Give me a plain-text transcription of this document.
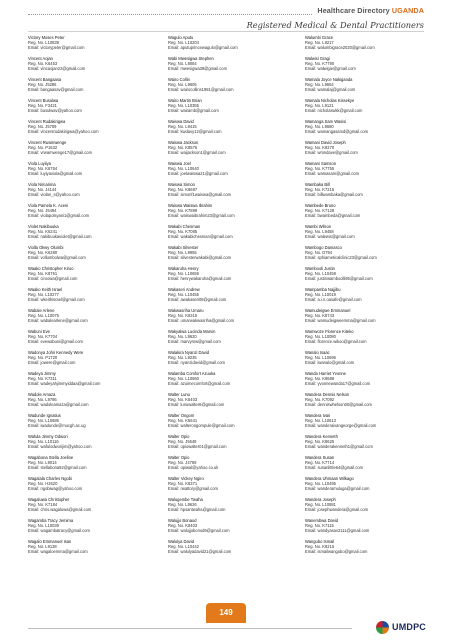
Healthcare Directory UGANDA
Registered Medical & Dental Practitioners
Victory Moses Peter
Reg. No. L10839
Email: victorypeter@gmail.com
Vincent Aojan
Reg. No. K6453
Email: vincaojan22@gmail.com
Vincent Bangaasa
Reg. No. J5286
Email: bangaasav@gmail.com
Vincent Busulwa
Reg. No. F3421
Email: busulwav@yahoo.com
Vincent Rudakirigwa
Reg. No. J5709
Email: vincentrudakirigwa@yahoo.com
Vincent Rwamwenge
Reg. No. P1632
Email: vrwamwenge17@gmail.com
Viola Luyiiya
Reg. No. K6784
Email: luyiyaviola@gmail.com
Viola Nimarima
Reg. No. J4144
Email: violan_s@yahoo.com
Viola Pamela K. Aceni
Reg. No. J5494
Email: violapolsyani1@gmail.com
Violet Nakibuuka
Reg. No. K6241
Email: nakibuukaviolet@gmail.com
Violla Okwy Olumbi
Reg. No. K6280
Email: vollumbolwa@gmail.com
Waako Christopher Kiroo
Reg. No. K8761
Email: ciroowa@gmail.com
Waako Keith Israel
Reg. No. L10277
Email: wkeithisrael@gmail.com
Wabale Arlene
Reg. No. L10075
Email: wabalearlene@gmail.com
Wabuni Eve
Reg. No. K7704
Email: evewabuni@gmail.com
Wadonya John Kennedy Were
Reg. No. P1720
Email: jowere@gmail.com
Wadeya Jimmy
Reg. No. K7311
Email: wadeyahjimmyiddaa@gmail.com
Wadole Amaza
Reg. No. L9786
Email: wadoleamaza@gmail.com
Wadunde Ignatius
Reg. No. L10686
Email: iwadunde@mucgh.ac.ug
Wafula Jimmy Odwori
Reg. No. L10116
Email: wafulodworijim@yahoo.com
Wagabona Stella Joeline
Reg. No. L9014
Email: stellabona92@gmail.com
Wagalala Charles Ngobi
Reg. No. H2620
Email: ngobiwag@yahoo.com
Wagaluwa Christopher
Reg. No. K7184
Email: chris.wagaluwa@gmail.com
Wagamba Tracy Jemima
Reg. No. L10039
Email: wagambatracy@gmail.com
Wagalo Emmanuel Isan
Reg. No. L9138
Email: wagaloemma@gmail.com
Wagulo Aputu
Reg. No. L10204
Email: aputuprincewagulo@gmail.com
Wabi Mwesigwa Stephen
Reg. No. L9084
Email: mwesigwa39@gmail.com
Wairo Collin
Reg. No. L9605
Email: wairocollins1981@gmail.com
Wairo Martin Brian
Reg. No. L10355
Email: wairamb@gmail.com
Waiswa David
Reg. No. L9415
Email: kwdavy12@gmail.com
Waiswa Jackson
Reg. No. K8576
Email: waijackson1@gmail.com
Waiswa Joel
Reg. No. L10640
Email: joelwaiswa21@gmail.com
Waiswa Simon
Reg. No. K8687
Email: simonf1waiswa@gmail.com
Waiswa Waiswa Ibrahim
Reg. No. K7899
Email: waiswaibrahim23@gmail.com
Wakabi Chesman
Reg. No. K7085
Email: wakabichesman@gmail.com
Wakabi Silvester
Reg. No. L9955
Email: silvesterwakabi@gmail.com
Wakaruha Henry
Reg. No. L10659
Email: henrywakaruha@gmail.com
Wakaseri Andrew
Reg. No. L10455
Email: awakaseri08@gmail.com
Wakwasriha Umaru
Reg. No. K8315
Email: umarwakwasriha@gmail.com
Wakyalwa Lucinda Marvin
Reg. No. L9620
Email: marvymw@gmail.com
Walakira Nyanzi David
Reg. No. L9235
Email: nyanzidavid@gmail.com
Walamba Comfort Azuuka
Reg. No. L10660
Email: azuimecomfort@gmail.com
Walter Lunu
Reg. No. K6403
Email: lunuwalter6@gmail.com
Walter Ongom
Reg. No. K5641
Email: walterongompule@gmail.com
Walter Opio
Reg. No. J5648
Email: opiowalter01@gmail.com
Walter Opio
Reg. No. J4769
Email: opiwal@yahoo.co.uk
Walter Vickey Ngiro
Reg. No. K8371
Email: rwattory@gmail.com
Walugembe Twaha
Reg. No. L9626
Email: hpsantwaha@gmail.com
Walujjo Bonaod
Reg. No. K8403
Email: walujjobonod9@gmail.com
Walulya David
Reg. No. L10442
Email: walulyadavid21@gmail.com
Walumbi Grace
Reg. No. L9217
Email: walumbigrace2020@gmail.com
Walwisi Gragi
Reg. No. K7790
Email: walwigie@gmail.com
Wamala Joyce Nakiganda
Reg. No. L9664
Email: wamalaj@gmail.com
Wamala Nicholas Kissekye
Reg. No. L9121
Email: nicholaswkk@gmail.com
Wamanga Sam Wasisi
Reg. No. L9680
Email: wamangasamd@gmail.com
Wamani David Joseph
Reg. No. K8270
Email: wmndave@gmail.com
Wamani Samson
Reg. No. K7755
Email: wamasam@gmail.com
Wambaka Bill
Reg. No. K7215
Email: billwambaka@gmail.com
Wambede Bruno
Reg. No. K7128
Email: bwambeda@gmail.com
Wambi Wilson
Reg. No. L9458
Email: walewis@gmail.com
Wambogo Damasco
Reg. No. D794
Email: sphiameticalclinic23@gmail.com
Wambooli Justin
Reg. No. L10458
Email: justinwamboolli95@gmail.com
Wampamba Najjibu
Reg. No. L10019
Email: a.i.n.oasafe@gmail.com
Wamudeigwe Emmanuel
Reg. No. K8743
Email: wamudeigweemma@gmail.com
Wamwoze Florence Kiteko
Reg. No. L10080
Email: florence.wikoo@gmail.com
Wanalo Isaac
Reg. No. L10696
Email: iwanalo@gmail.com
Wanda Harriet Yvonne
Reg. No. K8688
Email: yvonnewanda17@gmail.com
Wandera Dennis Nelson
Reg. No. K7092
Email: denniswhelson00@gmail.com
Wandera Ivan
Reg. No. L10613
Email: wanderaivangeorge@gmail.com
Wandera Kenneth
Reg. No. K8625
Email: wanderakenneth1@gmail.com
Wandera Susan
Reg. No. K7714
Email: susanlittle64@gmail.com
Wandera Uhmaan Wilkago
Reg. No. L10495
Email: wanderamuluga@gmail.com
Wandera Joseph
Reg. No. L10881
Email: josephwandera@gmail.com
Wanembwa David
Reg. No. K7115
Email: wandyasav2111@gmail.com
Wangubo Ismail
Reg. No. K8215
Email: ismailwangubo@gmail.com
149
UMDPC
